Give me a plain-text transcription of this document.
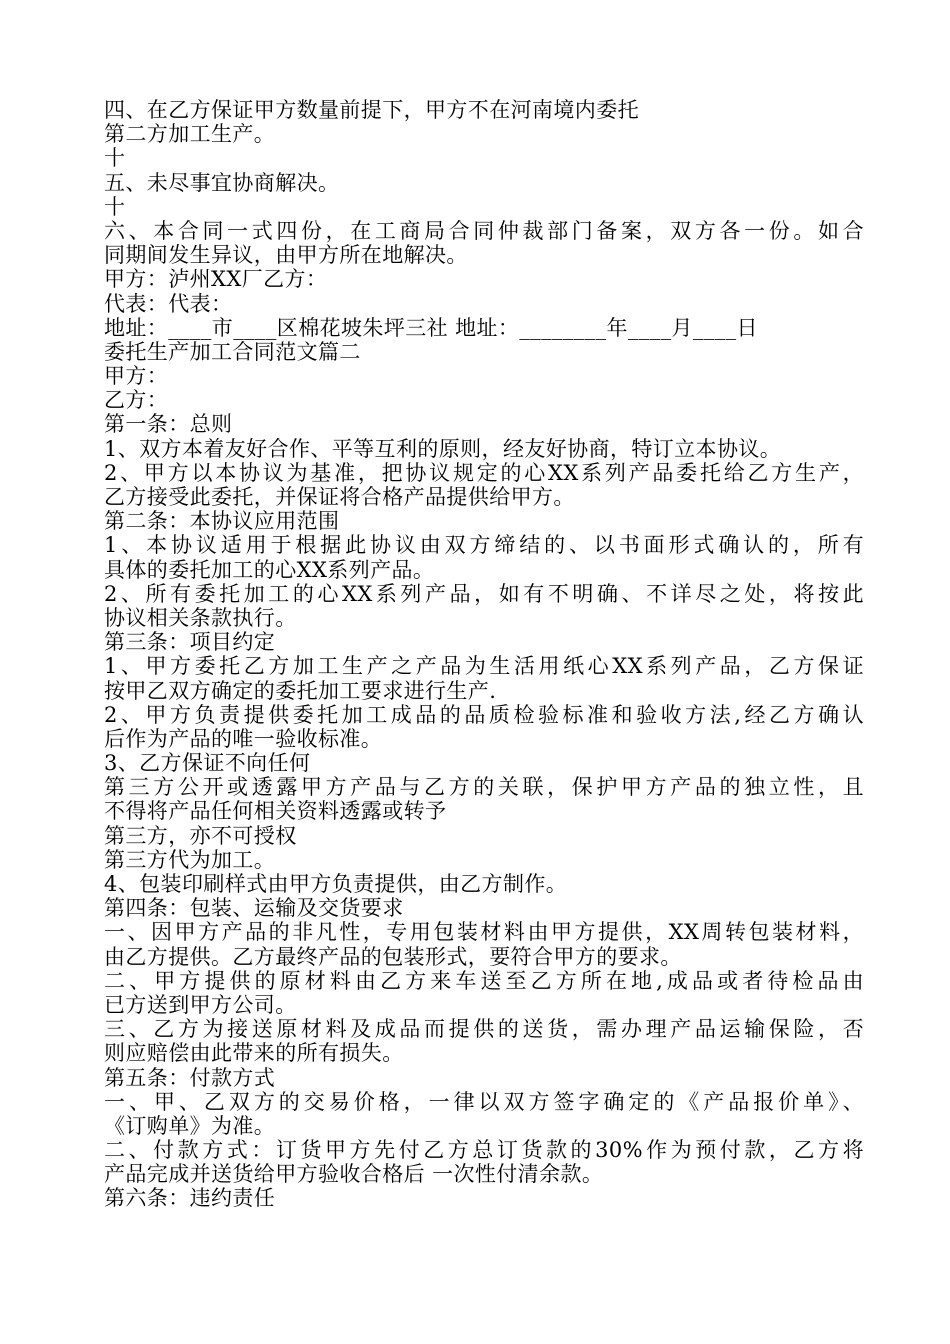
四、在乙方保证甲方数量前提下，甲方不在河南境内委托
第二方加工生产。
十
五、未尽事宜协商解决。
十
六、本合同一式四份，在工商局合同仲裁部门备案，双方各一份。如合
同期间发生异议，由甲方所在地解决。
甲方：泸州XX厂乙方：
代表：代表：
地址：____市____区棉花坡朱坪三社 地址：________年____月____日
委托生产加工合同范文篇二
甲方：
乙方：
第一条：总则
1、双方本着友好合作、平等互利的原则，经友好协商，特订立本协议。
2、甲方以本协议为基准，把协议规定的心XX系列产品委托给乙方生产，
乙方接受此委托，并保证将合格产品提供给甲方。
第二条：本协议应用范围
1、本协议适用于根据此协议由双方缔结的、以书面形式确认的，所有
具体的委托加工的心XX系列产品。
2、所有委托加工的心XX系列产品，如有不明确、不详尽之处，将按此
协议相关条款执行。
第三条：项目约定
1、甲方委托乙方加工生产之产品为生活用纸心XX系列产品，乙方保证
按甲乙双方确定的委托加工要求进行生产.
2、甲方负责提供委托加工成品的品质检验标准和验收方法,经乙方确认
后作为产品的唯一验收标准。
3、乙方保证不向任何
第三方公开或透露甲方产品与乙方的关联，保护甲方产品的独立性，且
不得将产品任何相关资料透露或转予
第三方，亦不可授权
第三方代为加工。
4、包装印刷样式由甲方负责提供，由乙方制作。
第四条：包装、运输及交货要求
一、因甲方产品的非凡性，专用包装材料由甲方提供，XX周转包装材料，
由乙方提供。乙方最终产品的包装形式，要符合甲方的要求。
二、甲方提供的原材料由乙方来车送至乙方所在地,成品或者待检品由
已方送到甲方公司。
三、乙方为接送原材料及成品而提供的送货，需办理产品运输保险，否
则应赔偿由此带来的所有损失。
第五条：付款方式
一、甲、乙双方的交易价格，一律以双方签字确定的《产品报价单》、
《订购单》为准。
二、付款方式：订货甲方先付乙方总订货款的30%作为预付款，乙方将
产品完成并送货给甲方验收合格后 一次性付清余款。
第六条：违约责任
